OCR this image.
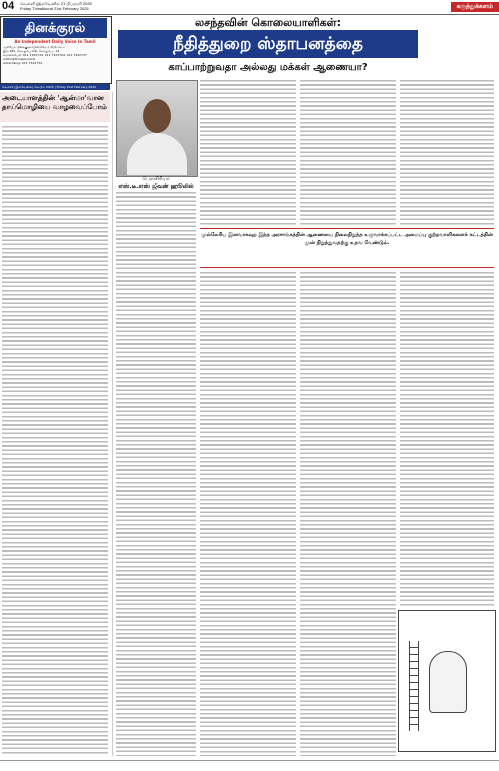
04 வெள்ளி (இளவேனில் 21 பிப்ரவரி 2025
Friday Thinakkural 21st February 2025	கருத்துக்களம்
தினக்குரல்
An Independent Daily Voice In Tamil
ஆசிரியர்: தினக்குரல் (பிரைவேட்) லிமிட்டெட்
இல.183, கொழும்பு வீதி, கொழும்பு - 13
தொலைபேசி: 011 7322734, 011 7322794, 011 7322737
editor@thinakkural.lk
Advertising: 011 7322734
வெள்ளி (இளவேனில்) கொடும் 2025 | Friday 21st February 2025
லசந்தவின் கொலையாளிகள்:
நீதித்துறை ஸ்தாபனத்தை
காப்பாற்றுவதா அல்லது மக்கள் ஆணையா?
அடையாளத்தின் 'ஆன்மா'வான தாய்மொழியை வாழவைப்போம்
பேராசிரியர்
எஸ்.டீ.எஸ் ஜீவன் ஹூலில்
முல்லேரிய இனவாகவுற இந்த அரசாங்கத்தின் ஆணையை நிலைநிறுத்த உருவாக்கப்பட்ட அமைப்பு குற்றவாளிகளைக் கட்டத்தின் முன் நிறுத்துவதற்கு உதவ வேண்டும்.
